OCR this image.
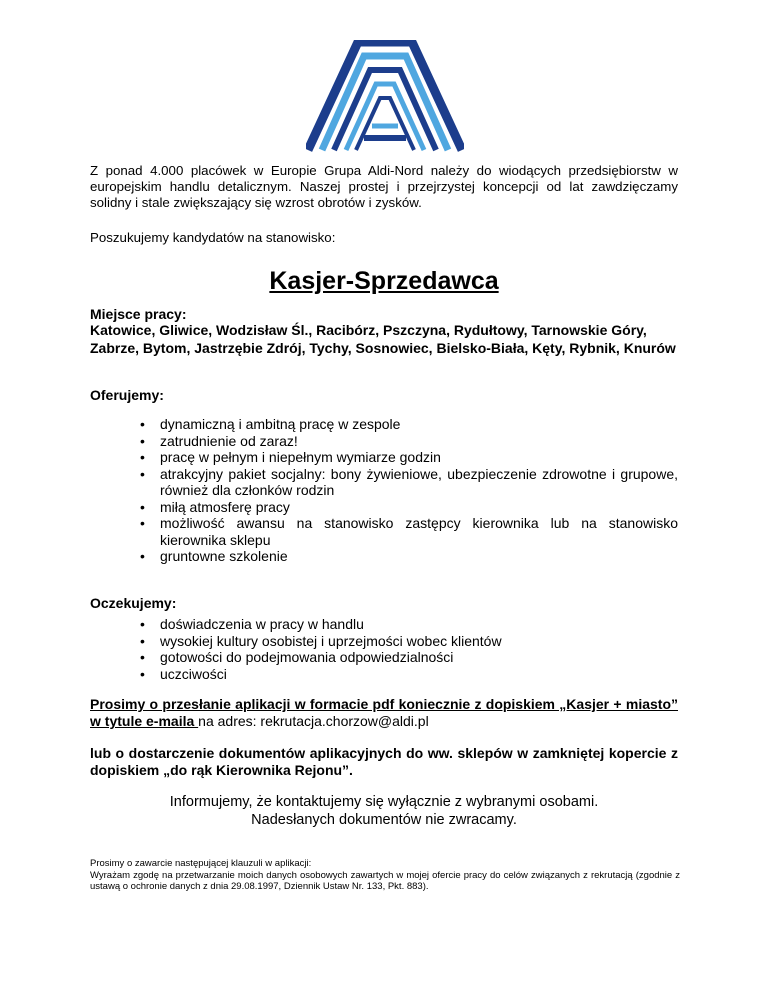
Z ponad 4.000 placówek w Europie Grupa Aldi-Nord należy do wiodących przedsiębiorstw w europejskim handlu detalicznym. Naszej prostej i przejrzystej koncepcji od lat zawdzięczamy solidny i stale zwiększający się wzrost obrotów i zysków.

Poszukujemy kandydatów na stanowisko:

Kasjer-Sprzedawca

Miejsce pracy:

Katowice, Gliwice, Wodzisław Śl., Racibórz, Pszczyna, Rydułtowy, Tarnowskie Góry, Zabrze, Bytom, Jastrzębie Zdrój, Tychy, Sosnowiec, Bielsko-Biała, Kęty, Rybnik, Knurów

Oferujemy:

• dynamiczną i ambitną pracę w zespole
• zatrudnienie od zaraz!
• pracę w pełnym i niepełnym wymiarze godzin
• atrakcyjny pakiet socjalny: bony żywieniowe, ubezpieczenie zdrowotne i grupowe, również dla członków rodzin
• miłą atmosferę pracy
• możliwość awansu na stanowisko zastępcy kierownika lub na stanowisko kierownika sklepu
• gruntowne szkolenie

Oczekujemy:

• doświadczenia w pracy w handlu
• wysokiej kultury osobistej i uprzejmości wobec klientów
• gotowości do podejmowania odpowiedzialności
• uczciwości

Prosimy o przesłanie aplikacji w formacie pdf koniecznie z dopiskiem „Kasjer + miasto” w tytule e-maila na adres: rekrutacja.chorzow@aldi.pl

lub o dostarczenie dokumentów aplikacyjnych do ww. sklepów w zamkniętej kopercie z dopiskiem „do rąk Kierownika Rejonu”.

Informujemy, że kontaktujemy się wyłącznie z wybranymi osobami.
Nadesłanych dokumentów nie zwracamy.
Prosimy o zawarcie następującej klauzuli w aplikacji:
Wyrażam zgodę na przetwarzanie moich danych osobowych zawartych w mojej ofercie pracy do celów związanych z rekrutacją (zgodnie z ustawą o ochronie danych z dnia 29.08.1997, Dziennik Ustaw Nr. 133, Pkt. 883).
